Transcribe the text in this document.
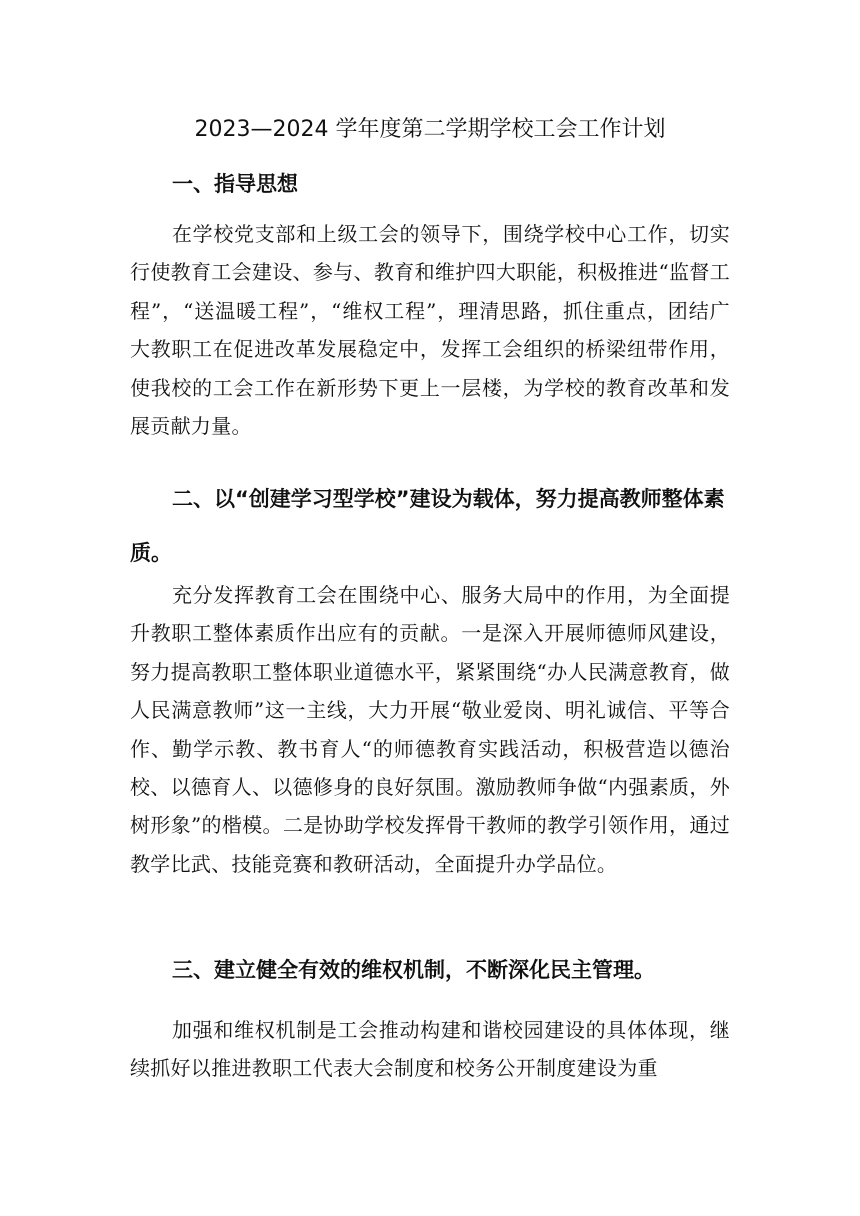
2023—2024 学年度第二学期学校工会工作计划
一、指导思想
在学校党支部和上级工会的领导下，围绕学校中心工作，切实行使教育工会建设、参与、教育和维护四大职能，积极推进“监督工程”，“送温暖工程”，“维权工程”，理清思路，抓住重点，团结广大教职工在促进改革发展稳定中，发挥工会组织的桥梁纽带作用，使我校的工会工作在新形势下更上一层楼，为学校的教育改革和发展贡献力量。
二、以“创建学习型学校”建设为载体，努力提高教师整体素质。
充分发挥教育工会在围绕中心、服务大局中的作用，为全面提升教职工整体素质作出应有的贡献。一是深入开展师德师风建设，努力提高教职工整体职业道德水平，紧紧围绕“办人民满意教育，做人民满意教师”这一主线，大力开展“敬业爱岗、明礼诚信、平等合作、勤学示教、教书育人“的师德教育实践活动，积极营造以德治校、以德育人、以德修身的良好氛围。激励教师争做“内强素质，外树形象”的楷模。二是协助学校发挥骨干教师的教学引领作用，通过教学比武、技能竞赛和教研活动，全面提升办学品位。
三、建立健全有效的维权机制，不断深化民主管理。
加强和维权机制是工会推动构建和谐校园建设的具体体现，继续抓好以推进教职工代表大会制度和校务公开制度建设为重
